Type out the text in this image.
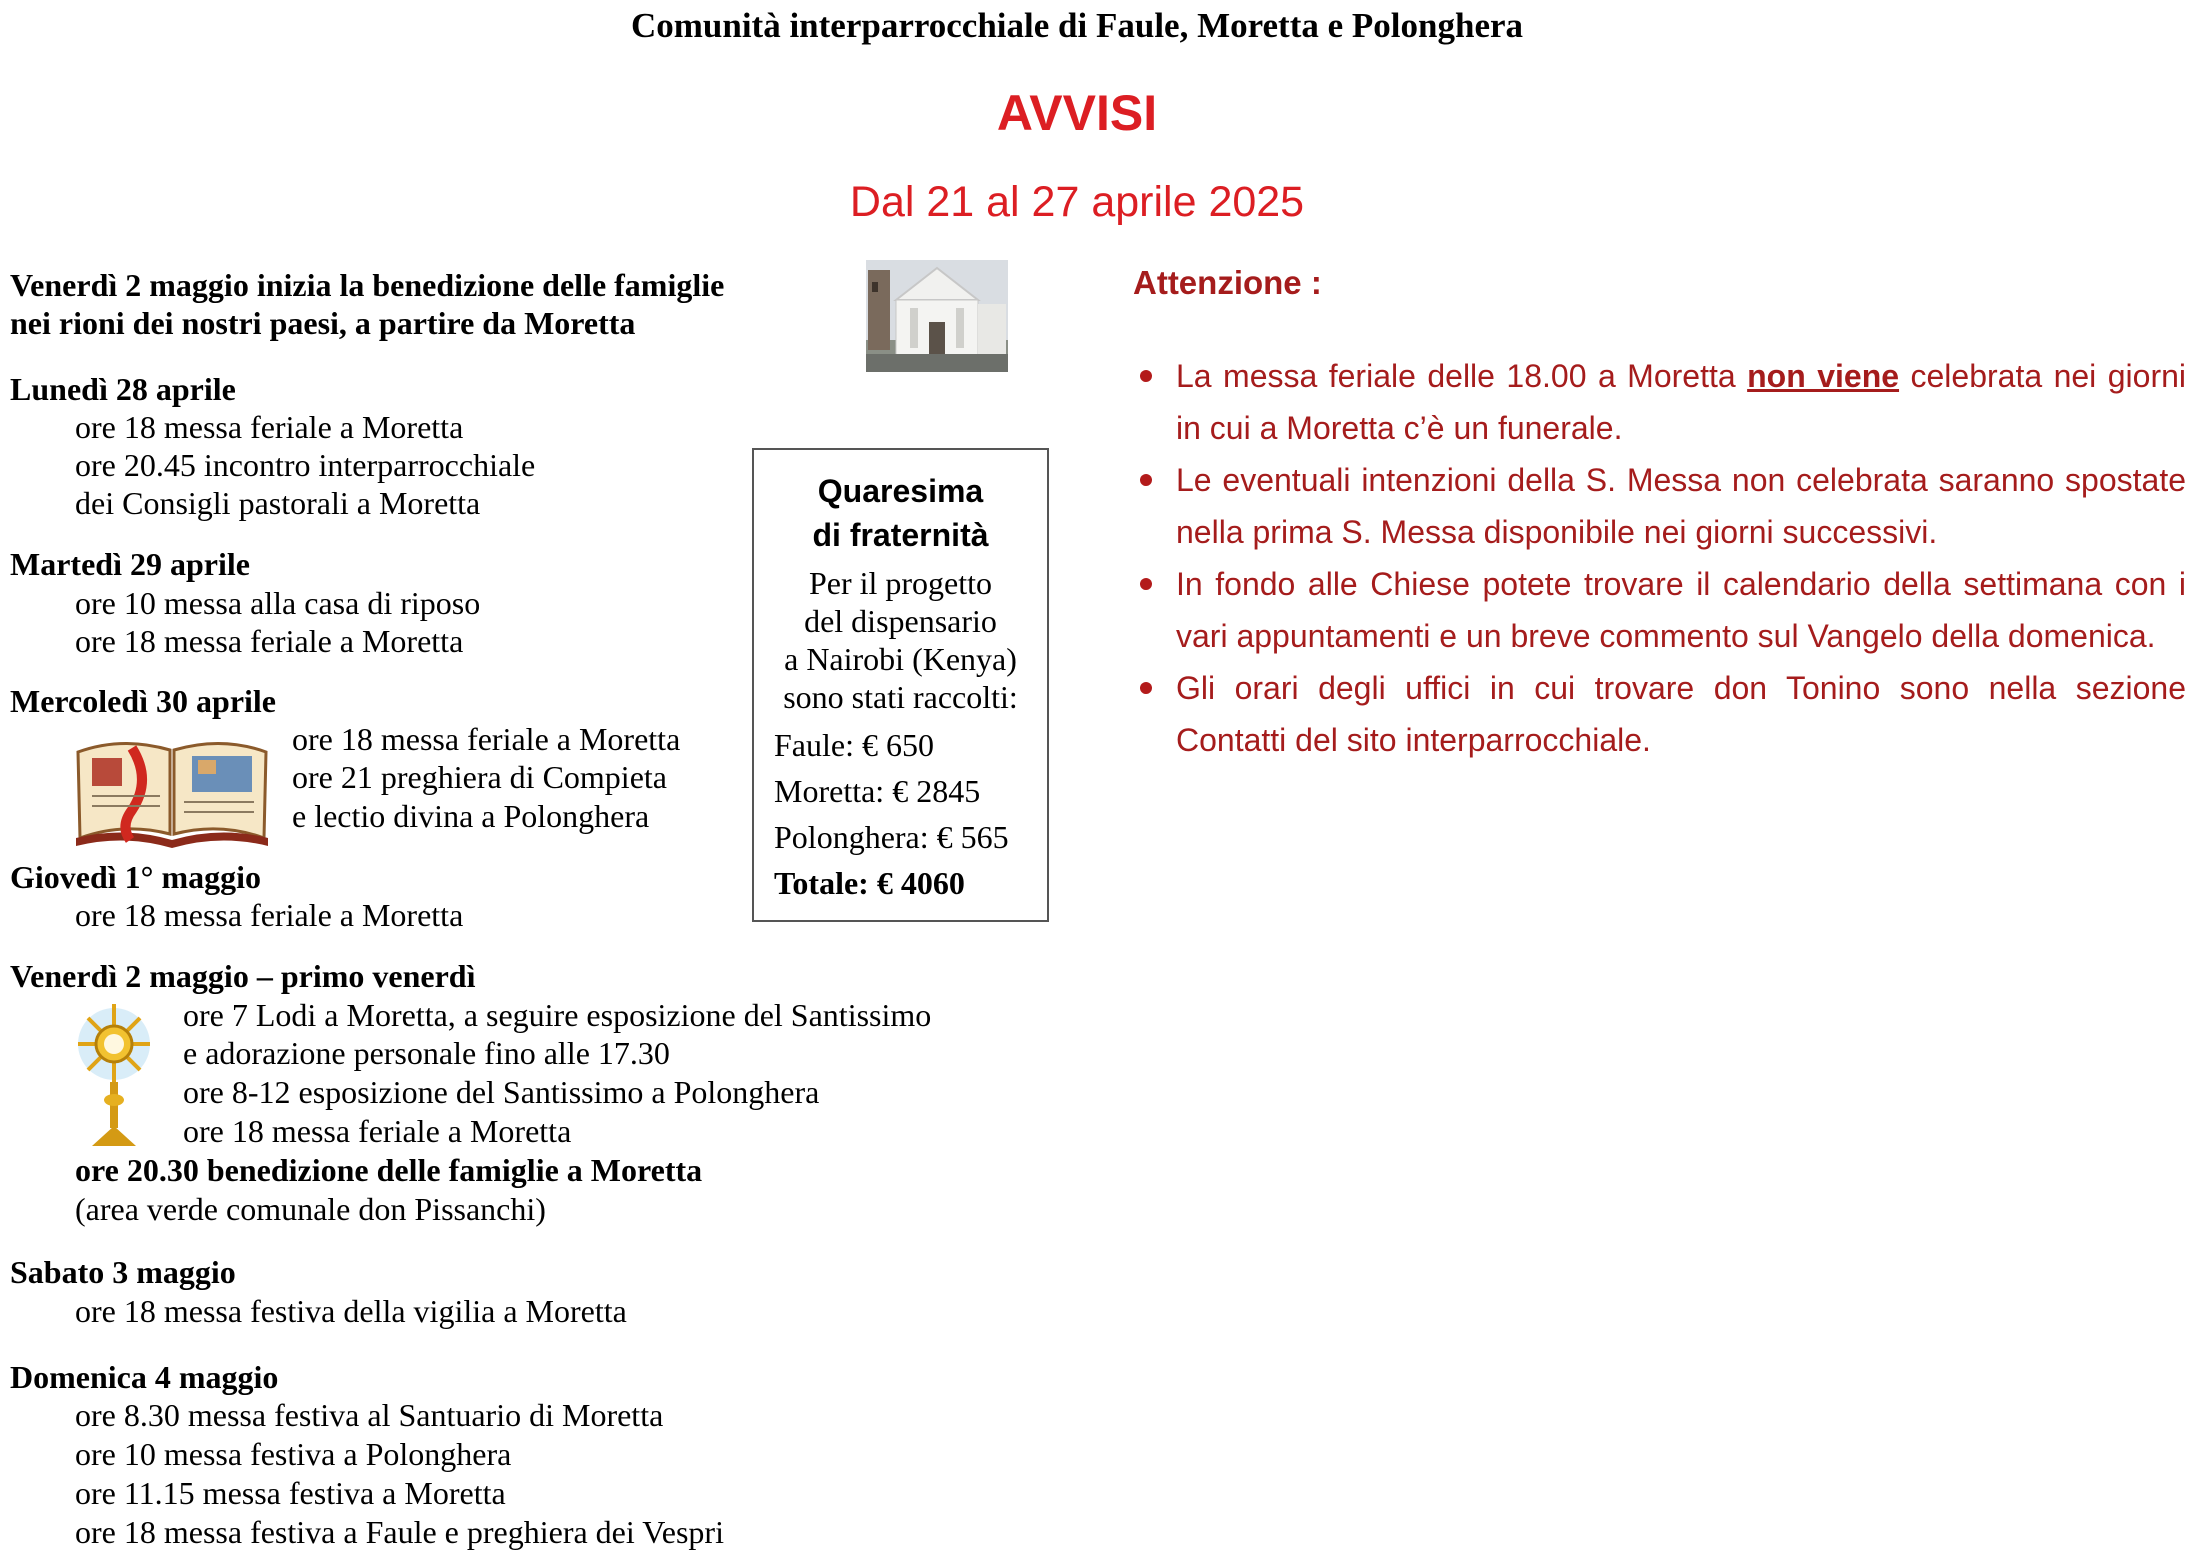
Comunità interparrocchiale di Faule, Moretta e Polonghera
AVVISI
Dal 21 al 27 aprile 2025
Venerdì 2 maggio inizia la benedizione delle famiglie
nei rioni dei nostri paesi, a partire da Moretta
Lunedì 28 aprile
ore 18 messa feriale a Moretta
ore 20.45 incontro interparrocchiale
dei Consigli pastorali a Moretta
Martedì 29 aprile
ore 10 messa alla casa di riposo
ore 18 messa feriale a Moretta
Mercoledì 30 aprile
ore 18 messa feriale a Moretta
ore 21 preghiera di Compieta
e lectio divina a Polonghera
Giovedì 1° maggio
ore 18 messa feriale a Moretta
Venerdì 2 maggio – primo venerdì
ore 7 Lodi a Moretta, a seguire esposizione del Santissimo
e adorazione personale fino alle 17.30
ore 8-12 esposizione del Santissimo a Polonghera
ore 18 messa feriale a Moretta
ore 20.30 benedizione delle famiglie a Moretta
(area verde comunale don Pissanchi)
Sabato 3 maggio
ore 18 messa festiva della vigilia a Moretta
Domenica 4 maggio
ore 8.30 messa festiva al Santuario di Moretta
ore 10 messa festiva a Polonghera
ore 11.15 messa festiva a Moretta
ore 18 messa festiva a Faule e preghiera dei Vespri
Quaresima
di fraternità
Per il progetto
del dispensario
a Nairobi (Kenya)
sono stati raccolti:
Faule: € 650
Moretta: € 2845
Polonghera: € 565
Totale: € 4060
Attenzione :
La messa feriale delle 18.00 a Moretta non viene celebrata nei giorni in cui a Moretta c’è un funerale.
Le eventuali intenzioni della S. Messa non celebrata saranno spostate nella prima S. Messa disponibile nei giorni successivi.
In fondo alle Chiese potete trovare il calendario della settimana con i vari appuntamenti e un breve commento sul Vangelo della domenica.
Gli orari degli uffici in cui trovare don Tonino sono nella sezione Contatti del sito interparrocchiale.
